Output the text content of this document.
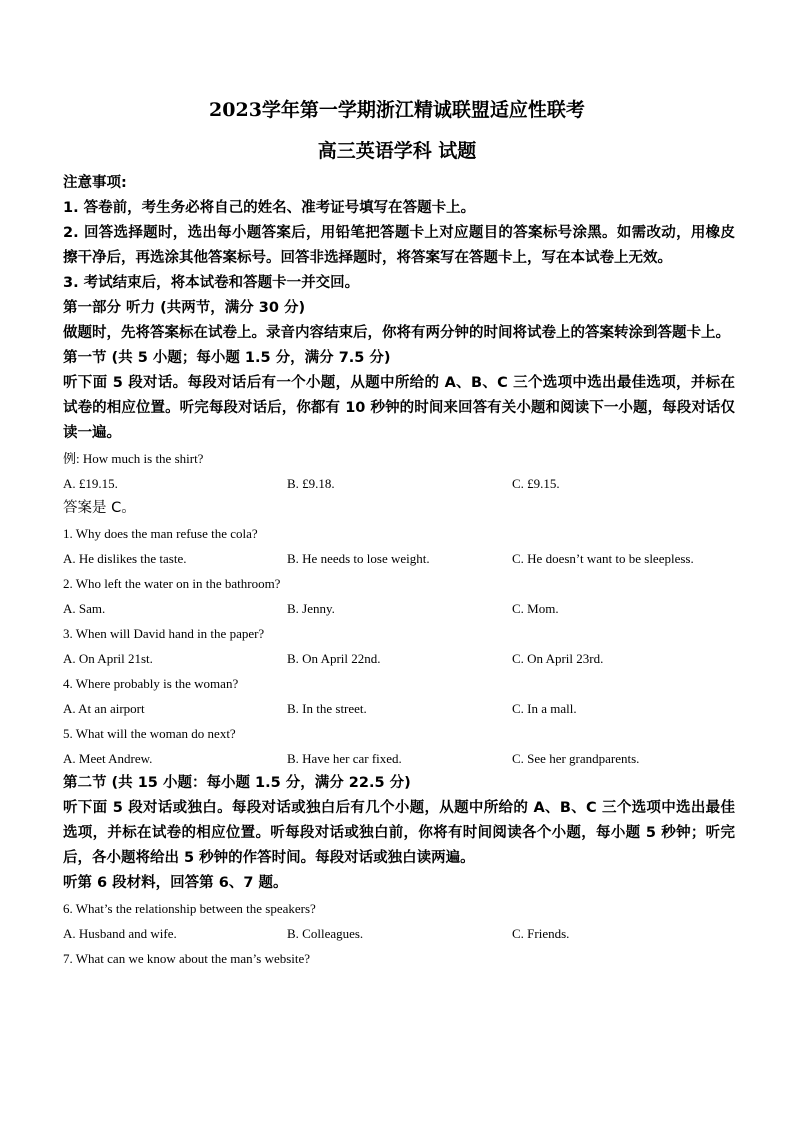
2023学年第一学期浙江精诚联盟适应性联考
高三英语学科 试题

注意事项:

1. 答卷前，考生务必将自己的姓名、准考证号填写在答题卡上。

2. 回答选择题时，选出每小题答案后，用铅笔把答题卡上对应题目的答案标号涂黑。如需改动，用橡皮擦干净后，再选涂其他答案标号。回答非选择题时，将答案写在答题卡上，写在本试卷上无效。

3. 考试结束后，将本试卷和答题卡一并交回。

第一部分 听力 (共两节，满分 30 分)

做题时，先将答案标在试卷上。录音内容结束后，你将有两分钟的时间将试卷上的答案转涂到答题卡上。

第一节 (共 5 小题；每小题 1.5 分，满分 7.5 分)

听下面 5 段对话。每段对话后有一个小题，从题中所给的 A、B、C 三个选项中选出最佳选项，并标在试卷的相应位置。听完每段对话后，你都有 10 秒钟的时间来回答有关小题和阅读下一小题，每段对话仅读一遍。

例: How much is the shirt?

A. £19.15.	B. £9.18.	C. £9.15.

答案是 C。

1. Why does the man refuse the cola?

A. He dislikes the taste.	B. He needs to lose weight.	C. He doesn’t want to be sleepless.

2. Who left the water on in the bathroom?

A. Sam.	B. Jenny.	C. Mom.

3. When will David hand in the paper?

A. On April 21st.	B. On April 22nd.	C. On April 23rd.

4. Where probably is the woman?

A. At an airport	B. In the street.	C. In a mall.

5. What will the woman do next?

A. Meet Andrew.	B. Have her car fixed.	C. See her grandparents.

第二节 (共 15 小题：每小题 1.5 分，满分 22.5 分)

听下面 5 段对话或独白。每段对话或独白后有几个小题，从题中所给的 A、B、C 三个选项中选出最佳选项，并标在试卷的相应位置。听每段对话或独白前，你将有时间阅读各个小题，每小题 5 秒钟；听完后，各小题将给出 5 秒钟的作答时间。每段对话或独白读两遍。

听第 6 段材料，回答第 6、7 题。

6. What’s the relationship between the speakers?

A. Husband and wife.	B. Colleagues.	C. Friends.

7. What can we know about the man’s website?
